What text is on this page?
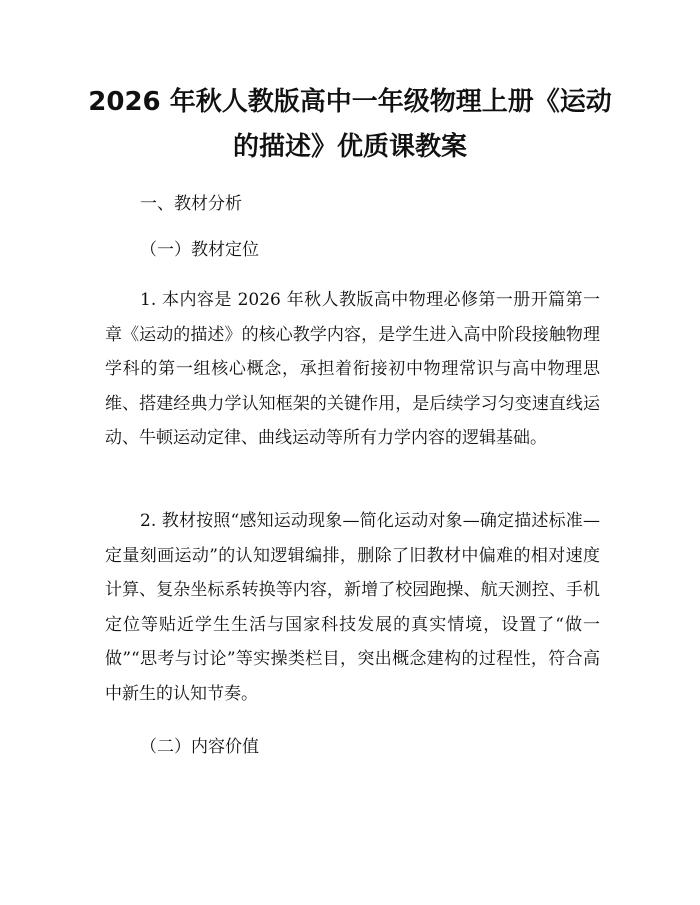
2026 年秋人教版高中一年级物理上册《运动
的描述》优质课教案

一、教材分析

（一）教材定位

1. 本内容是 2026 年秋人教版高中物理必修第一册开篇第一章《运动的描述》的核心教学内容，是学生进入高中阶段接触物理学科的第一组核心概念，承担着衔接初中物理常识与高中物理思维、搭建经典力学认知框架的关键作用，是后续学习匀变速直线运动、牛顿运动定律、曲线运动等所有力学内容的逻辑基础。

2. 教材按照“感知运动现象—简化运动对象—确定描述标准—定量刻画运动”的认知逻辑编排，删除了旧教材中偏难的相对速度计算、复杂坐标系转换等内容，新增了校园跑操、航天测控、手机定位等贴近学生生活与国家科技发展的真实情境，设置了“做一做”“思考与讨论”等实操类栏目，突出概念建构的过程性，符合高中新生的认知节奏。

（二）内容价值
